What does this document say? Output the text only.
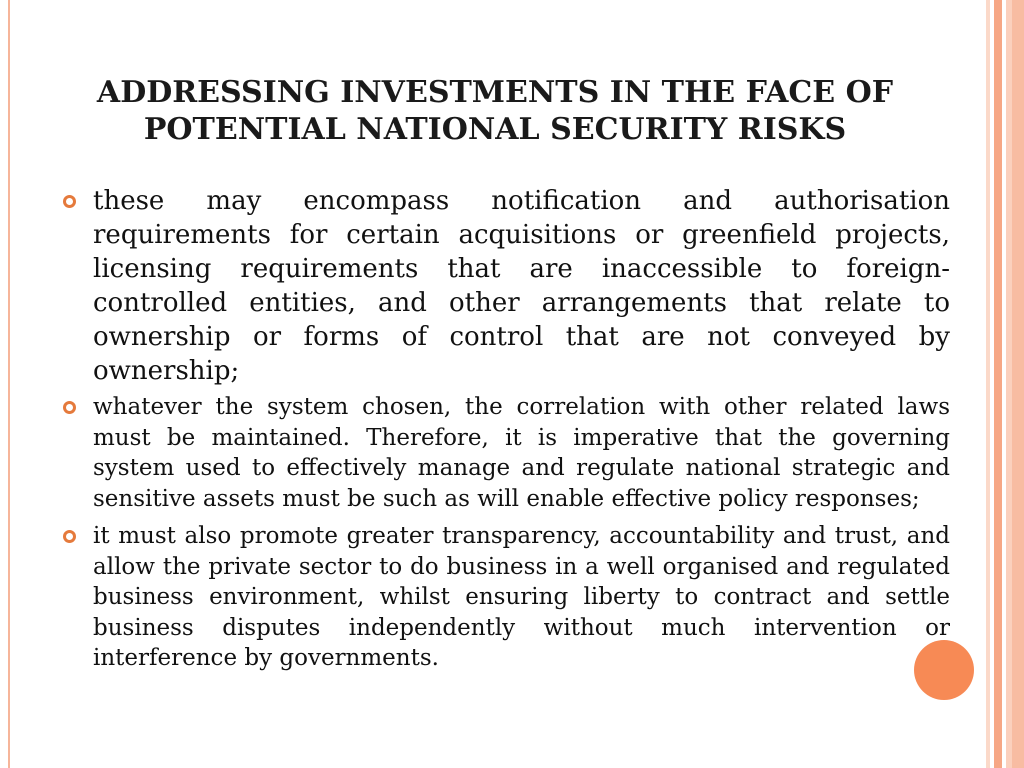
ADDRESSING INVESTMENTS IN THE FACE OF
POTENTIAL NATIONAL SECURITY RISKS
these may encompass notification and authorisation requirements for certain acquisitions or greenfield projects, licensing requirements that are inaccessible to foreign-controlled entities, and other arrangements that relate to ownership or forms of control that are not conveyed by ownership;
whatever the system chosen, the correlation with other related laws must be maintained. Therefore, it is imperative that the governing system used to effectively manage and regulate national strategic and sensitive assets must be such as will enable effective policy responses;
it must also promote greater transparency, accountability and trust, and allow the private sector to do business in a well organised and regulated business environment, whilst ensuring liberty to contract and settle business disputes independently without much intervention or interference by governments.
